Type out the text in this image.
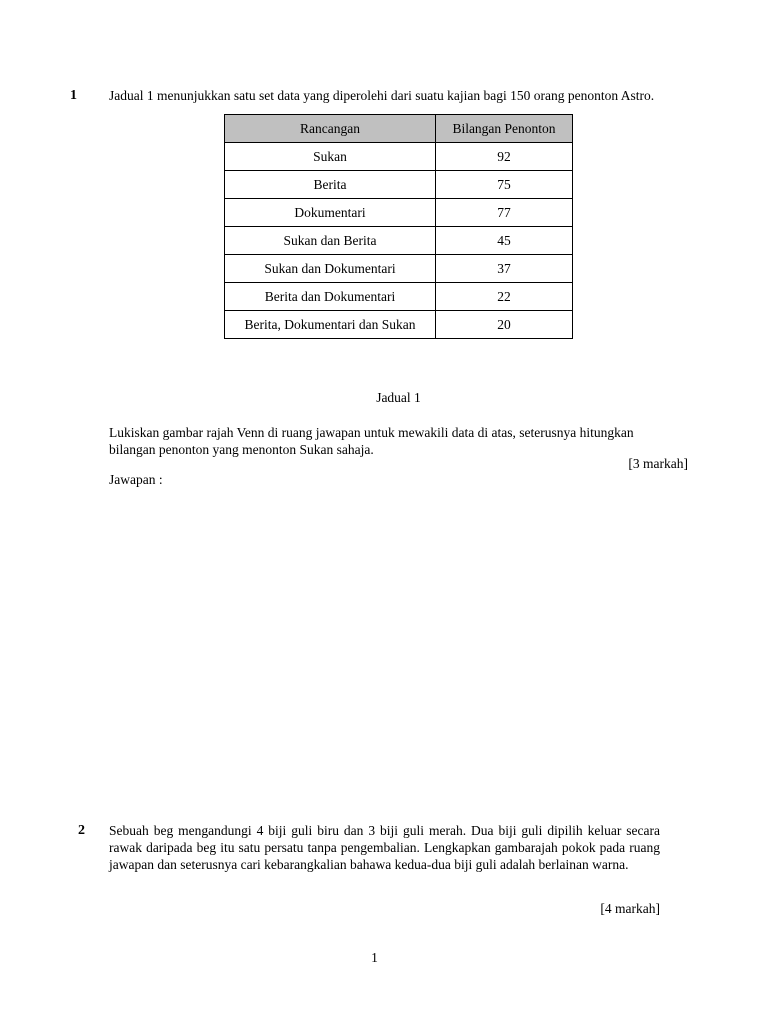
1 Jadual 1 menunjukkan satu set data yang diperolehi dari suatu kajian bagi 150 orang penonton Astro.
Rancangan	Bilangan Penonton
Sukan	92
Berita	75
Dokumentari	77
Sukan dan Berita	45
Sukan dan Dokumentari	37
Berita dan Dokumentari	22
Berita, Dokumentari dan Sukan	20
Jadual 1
Lukiskan gambar rajah Venn di ruang jawapan untuk mewakili data di atas, seterusnya hitungkan
bilangan penonton yang menonton Sukan sahaja.
[3 markah]
Jawapan :
2 Sebuah beg mengandungi 4 biji guli biru dan 3 biji guli merah. Dua biji guli dipilih keluar secara rawak daripada beg itu satu persatu tanpa pengembalian. Lengkapkan gambarajah pokok pada ruang jawapan dan seterusnya cari kebarangkalian bahawa kedua-dua biji guli adalah berlainan warna.
[4 markah]
1
